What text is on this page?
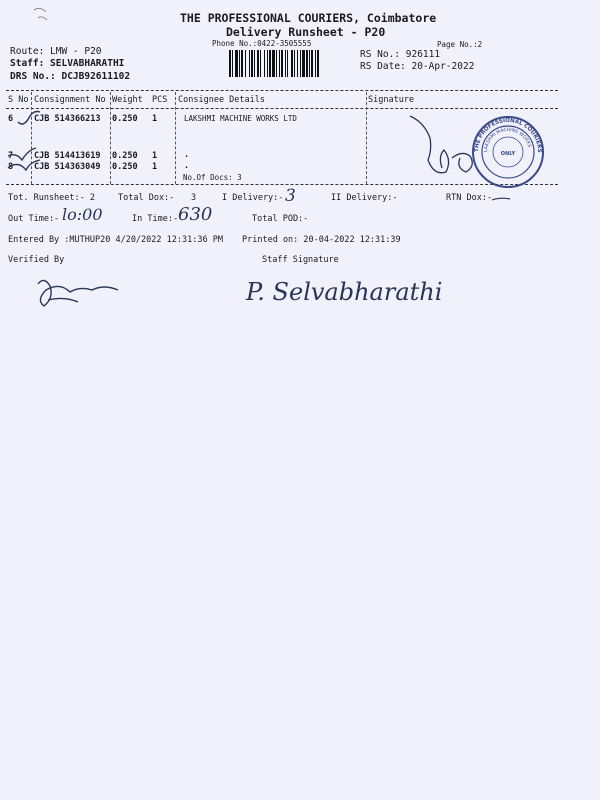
THE PROFESSIONAL COURIERS, Coimbatore
Delivery Runsheet - P20
Phone No.:0422-3505555	Page No.:2
Route: LMW - P20
Staff: SELVABHARATHI
DRS No.: DCJB92611102
RS No.: 926111
RS Date: 20-Apr-2022
S No Consignment No Weight PCS Consignee Details	Signature
6 CJB 514366213 0.250 1	LAKSHMI MACHINE WORKS LTD
7 CJB 514413619 0.250 1	.
8 CJB 514363049 0.250 1	.
No.Of Docs: 3
Tot. Runsheet:- 2	Total Dox:- 3	I Delivery:- 3	II Delivery:-	RTN Dox:-
Out Time:- lo:00	In Time:- 630	Total POD:-
Entered By :MUTHUP20 4/20/2022 12:31:36 PM Printed on: 20-04-2022 12:31:39
Verified By	Staff Signature
P. Selvabharathi
THE PROFESSIONAL COURIERS
LAKSHMI MACHINE WORKS
ONLY
